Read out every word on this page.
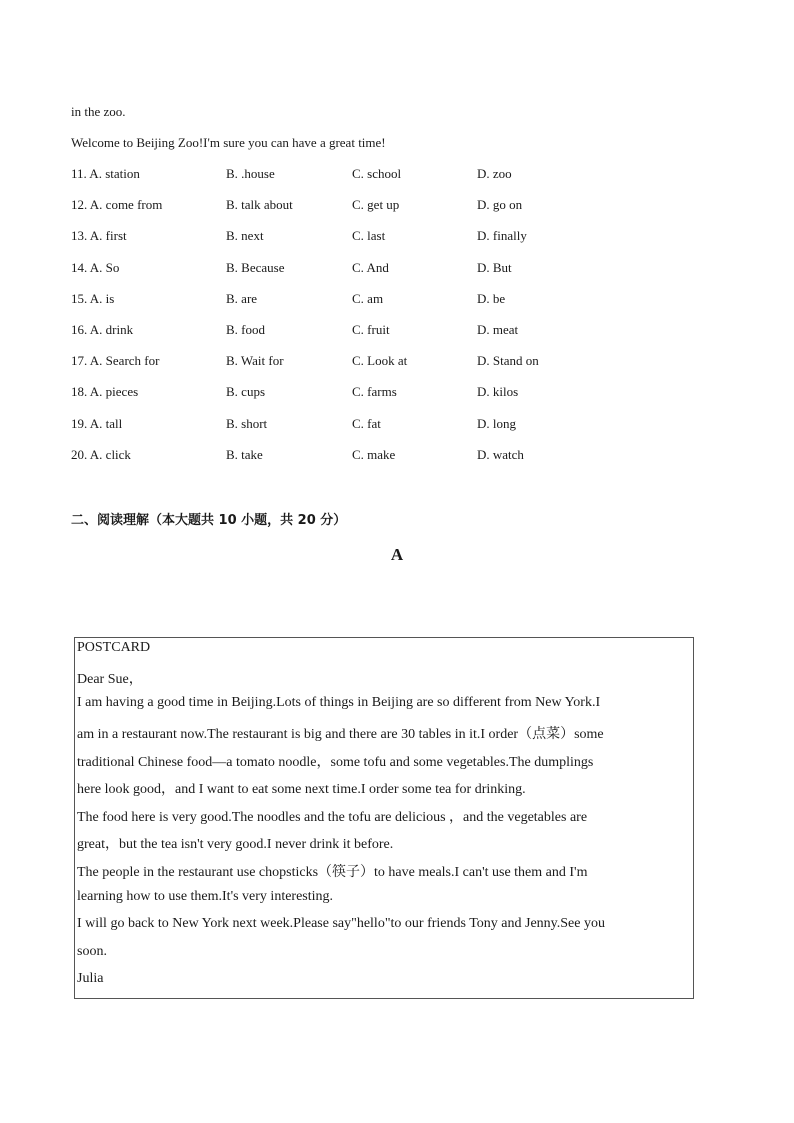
in the zoo.
Welcome to Beijing Zoo!I'm sure you can have a great time!
11. A. station	B. .house	C. school	D. zoo
12. A. come from	B. talk about	C. get up	D. go on
13. A. first	B. next	C. last	D. finally
14. A. So	B. Because	C. And	D. But
15. A. is	B. are	C. am	D. be
16. A. drink	B. food	C. fruit	D. meat
17. A. Search for	B. Wait for	C. Look at	D. Stand on
18. A. pieces	B. cups	C. farms	D. kilos
19. A. tall	B. short	C. fat	D. long
20. A. click	B. take	C. make	D. watch
二、阅读理解（本大题共 10 小题，共 20 分）
A
POSTCARD
Dear Sue，
I am having a good time in Beijing.Lots of things in Beijing are so different from New York.I
am in a restaurant now.The restaurant is big and there are 30 tables in it.I order（点菜）some
traditional Chinese food—a tomato noodle，some tofu and some vegetables.The dumplings
here look good，and I want to eat some next time.I order some tea for drinking.
The food here is very good.The noodles and the tofu are delicious ，and the vegetables are
great，but the tea isn't very good.I never drink it before.
The people in the restaurant use chopsticks（筷子）to have meals.I can't use them and I'm
learning how to use them.It's very interesting.
I will go back to New York next week.Please say"hello"to our friends Tony and Jenny.See you
soon.
Julia
